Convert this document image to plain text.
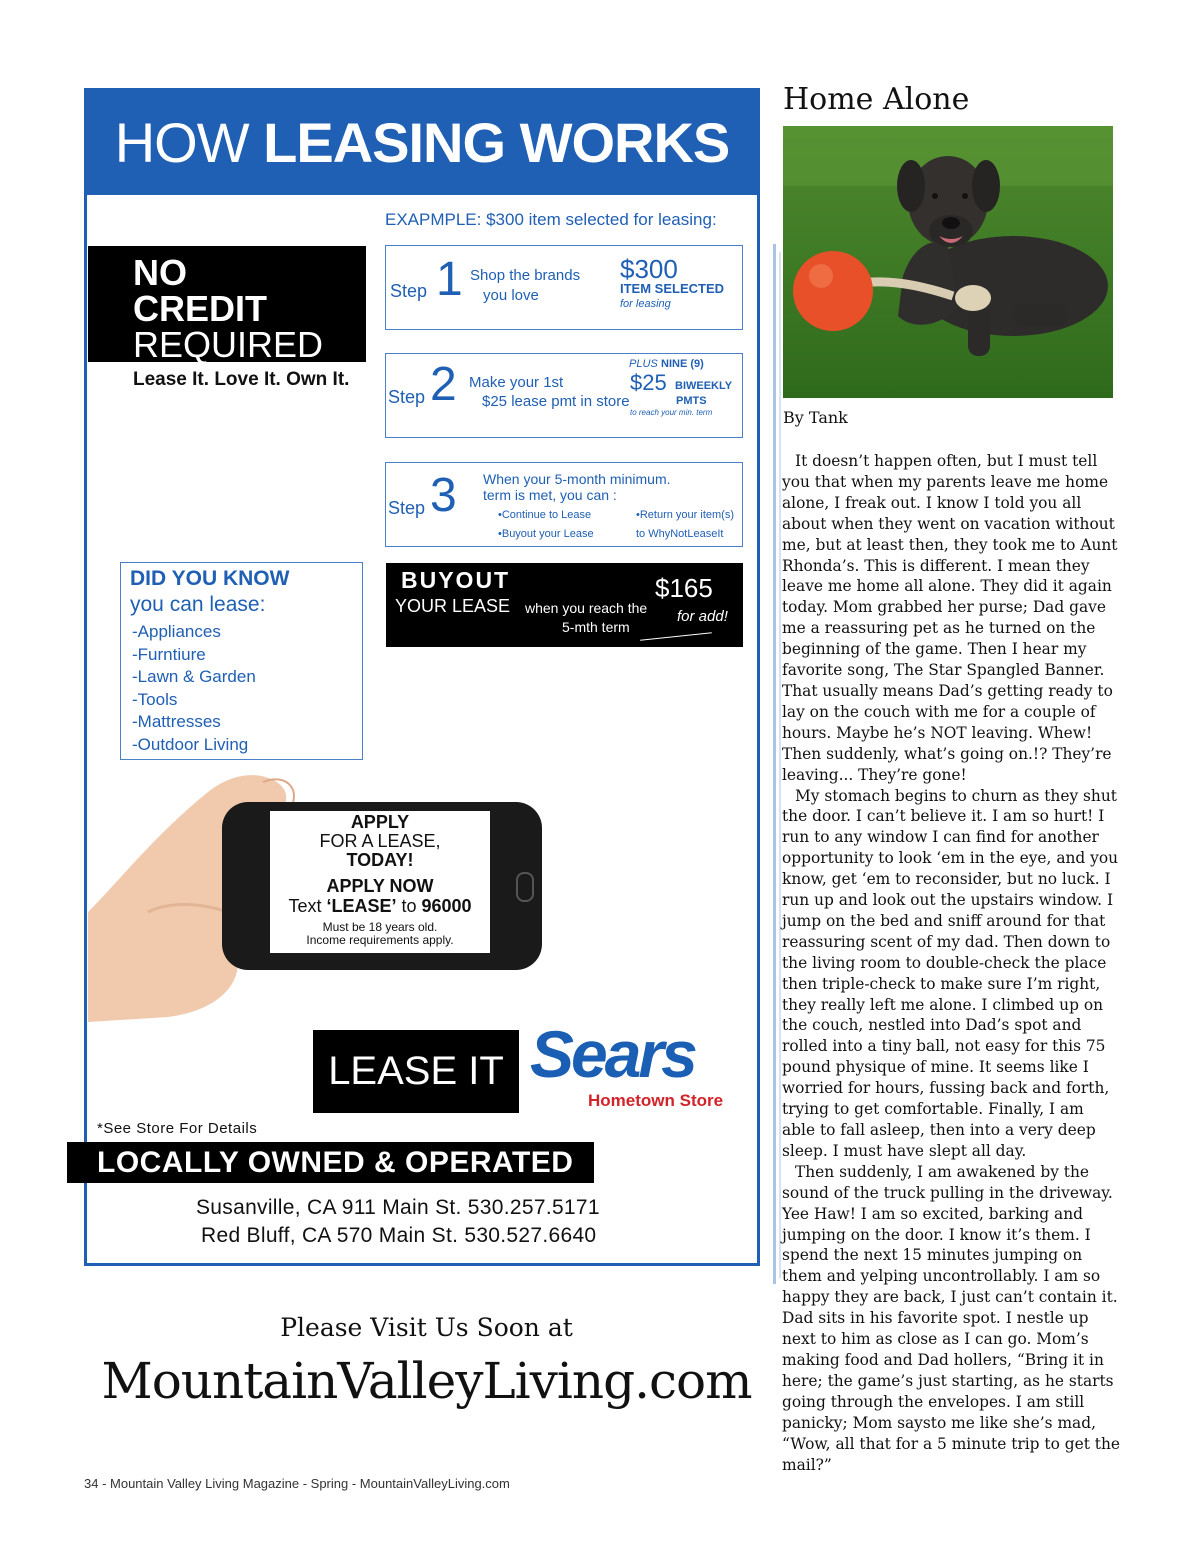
HOW LEASING WORKS
EXAPMPLE: $300 item selected for leasing:
NO
CREDIT
REQUIRED
Lease It. Love It. Own It.
Step 1 Shop the brands
you love
$300
ITEM SELECTED
for leasing
Step 2 Make your 1st
$25 lease pmt in store
PLUS NINE (9)
$25 BIWEEKLY
PMTS
to reach your min. term
Step 3 When your 5-month minimum.
term is met, you can :
•Continue to Lease	•Return your item(s)
•Buyout your Lease	to WhyNotLeaseIt
DID YOU KNOW
you can lease:
-Appliances
-Furntiure
-Lawn & Garden
-Tools
-Mattresses
-Outdoor Living
BUYOUT
YOUR LEASE when you reach the
5-mth term
$165
for add!
APPLY
FOR A LEASE,
TODAY!
APPLY NOW
Text ‘LEASE’ to 96000
Must be 18 years old.
Income requirements apply.
LEASE IT Sears
Hometown Store
*See Store For Details
LOCALLY OWNED & OPERATED
Susanville, CA 911 Main St. 530.257.5171
Red Bluff, CA 570 Main St. 530.527.6640
Please Visit Us Soon at
MountainValleyLiving.com
34 - Mountain Valley Living Magazine - Spring - MountainValleyLiving.com
Home Alone
By Tank

It doesn’t happen often, but I must tell you that when my parents leave me home alone, I freak out. I know I told you all about when they went on vacation without me, but at least then, they took me to Aunt Rhonda’s. This is different. I mean they leave me home all alone. They did it again today. Mom grabbed her purse; Dad gave me a reassuring pet as he turned on the beginning of the game. Then I hear my favorite song, The Star Spangled Banner. That usually means Dad’s getting ready to lay on the couch with me for a couple of hours. Maybe he’s NOT leaving. Whew! Then suddenly, what’s going on.!? They’re leaving... They’re gone!

My stomach begins to churn as they shut the door. I can’t believe it. I am so hurt! I run to any window I can find for another opportunity to look ‘em in the eye, and you know, get ‘em to reconsider, but no luck. I run up and look out the upstairs window. I jump on the bed and sniff around for that reassuring scent of my dad. Then down to the living room to double-check the place then triple-check to make sure I’m right, they really left me alone. I climbed up on the couch, nestled into Dad’s spot and rolled into a tiny ball, not easy for this 75 pound physique of mine. It seems like I worried for hours, fussing back and forth, trying to get comfortable. Finally, I am able to fall asleep, then into a very deep sleep. I must have slept all day.

Then suddenly, I am awakened by the sound of the truck pulling in the driveway. Yee Haw! I am so excited, barking and jumping on the door. I know it’s them. I spend the next 15 minutes jumping on them and yelping uncontrollably. I am so happy they are back, I just can’t contain it. Dad sits in his favorite spot. I nestle up next to him as close as I can go. Mom’s making food and Dad hollers, “Bring it in here; the game’s just starting, as he starts going through the envelopes. I am still panicky; Mom saysto me like she’s mad, “Wow, all that for a 5 minute trip to get the mail?”
